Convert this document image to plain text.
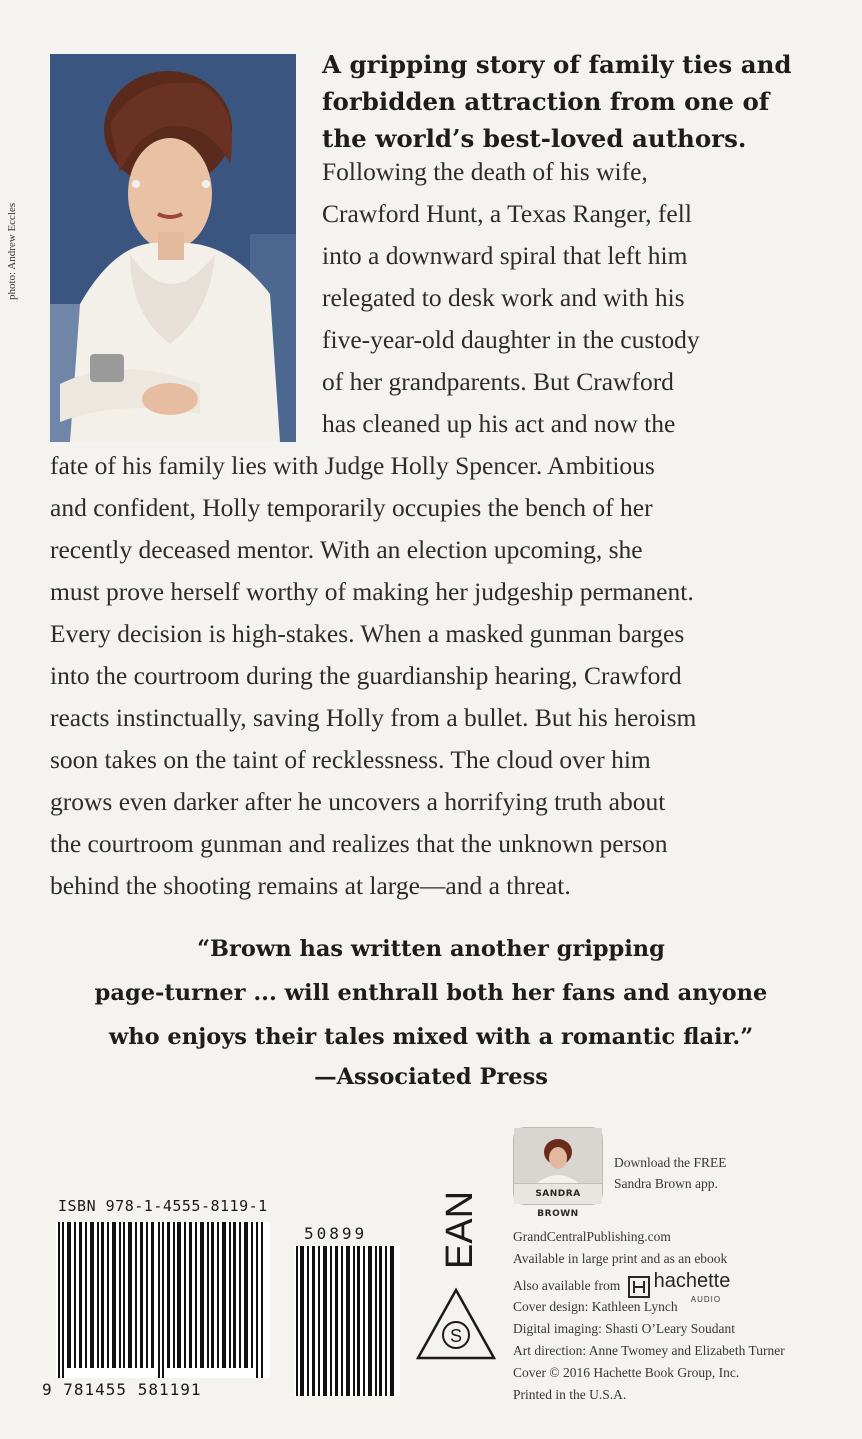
photo: Andrew Eccles
A gripping story of family ties and
forbidden attraction from one of
the world’s best-loved authors.
Following the death of his wife,
Crawford Hunt, a Texas Ranger, fell
into a downward spiral that left him
relegated to desk work and with his
five-year-old daughter in the custody
of her grandparents. But Crawford
has cleaned up his act and now the
fate of his family lies with Judge Holly Spencer. Ambitious
and confident, Holly temporarily occupies the bench of her
recently deceased mentor. With an election upcoming, she
must prove herself worthy of making her judgeship permanent.
Every decision is high-stakes. When a masked gunman barges
into the courtroom during the guardianship hearing, Crawford
reacts instinctually, saving Holly from a bullet. But his heroism
soon takes on the taint of recklessness. The cloud over him
grows even darker after he uncovers a horrifying truth about
the courtroom gunman and realizes that the unknown person
behind the shooting remains at large—and a threat.
“Brown has written another gripping
page-turner ... will enthrall both her fans and anyone
who enjoys their tales mixed with a romantic flair.”
—Associated Press
ISBN 978-1-4555-8119-1
9 781455 581191
50899 EAN
S
SANDRA BROWN
Download the FREE
Sandra Brown app.
GrandCentralPublishing.com
Available in large print and as an ebook
Also available from hachette
AUDIO
Cover design: Kathleen Lynch
Digital imaging: Shasti O’Leary Soudant
Art direction: Anne Twomey and Elizabeth Turner
Cover © 2016 Hachette Book Group, Inc.
Printed in the U.S.A.
